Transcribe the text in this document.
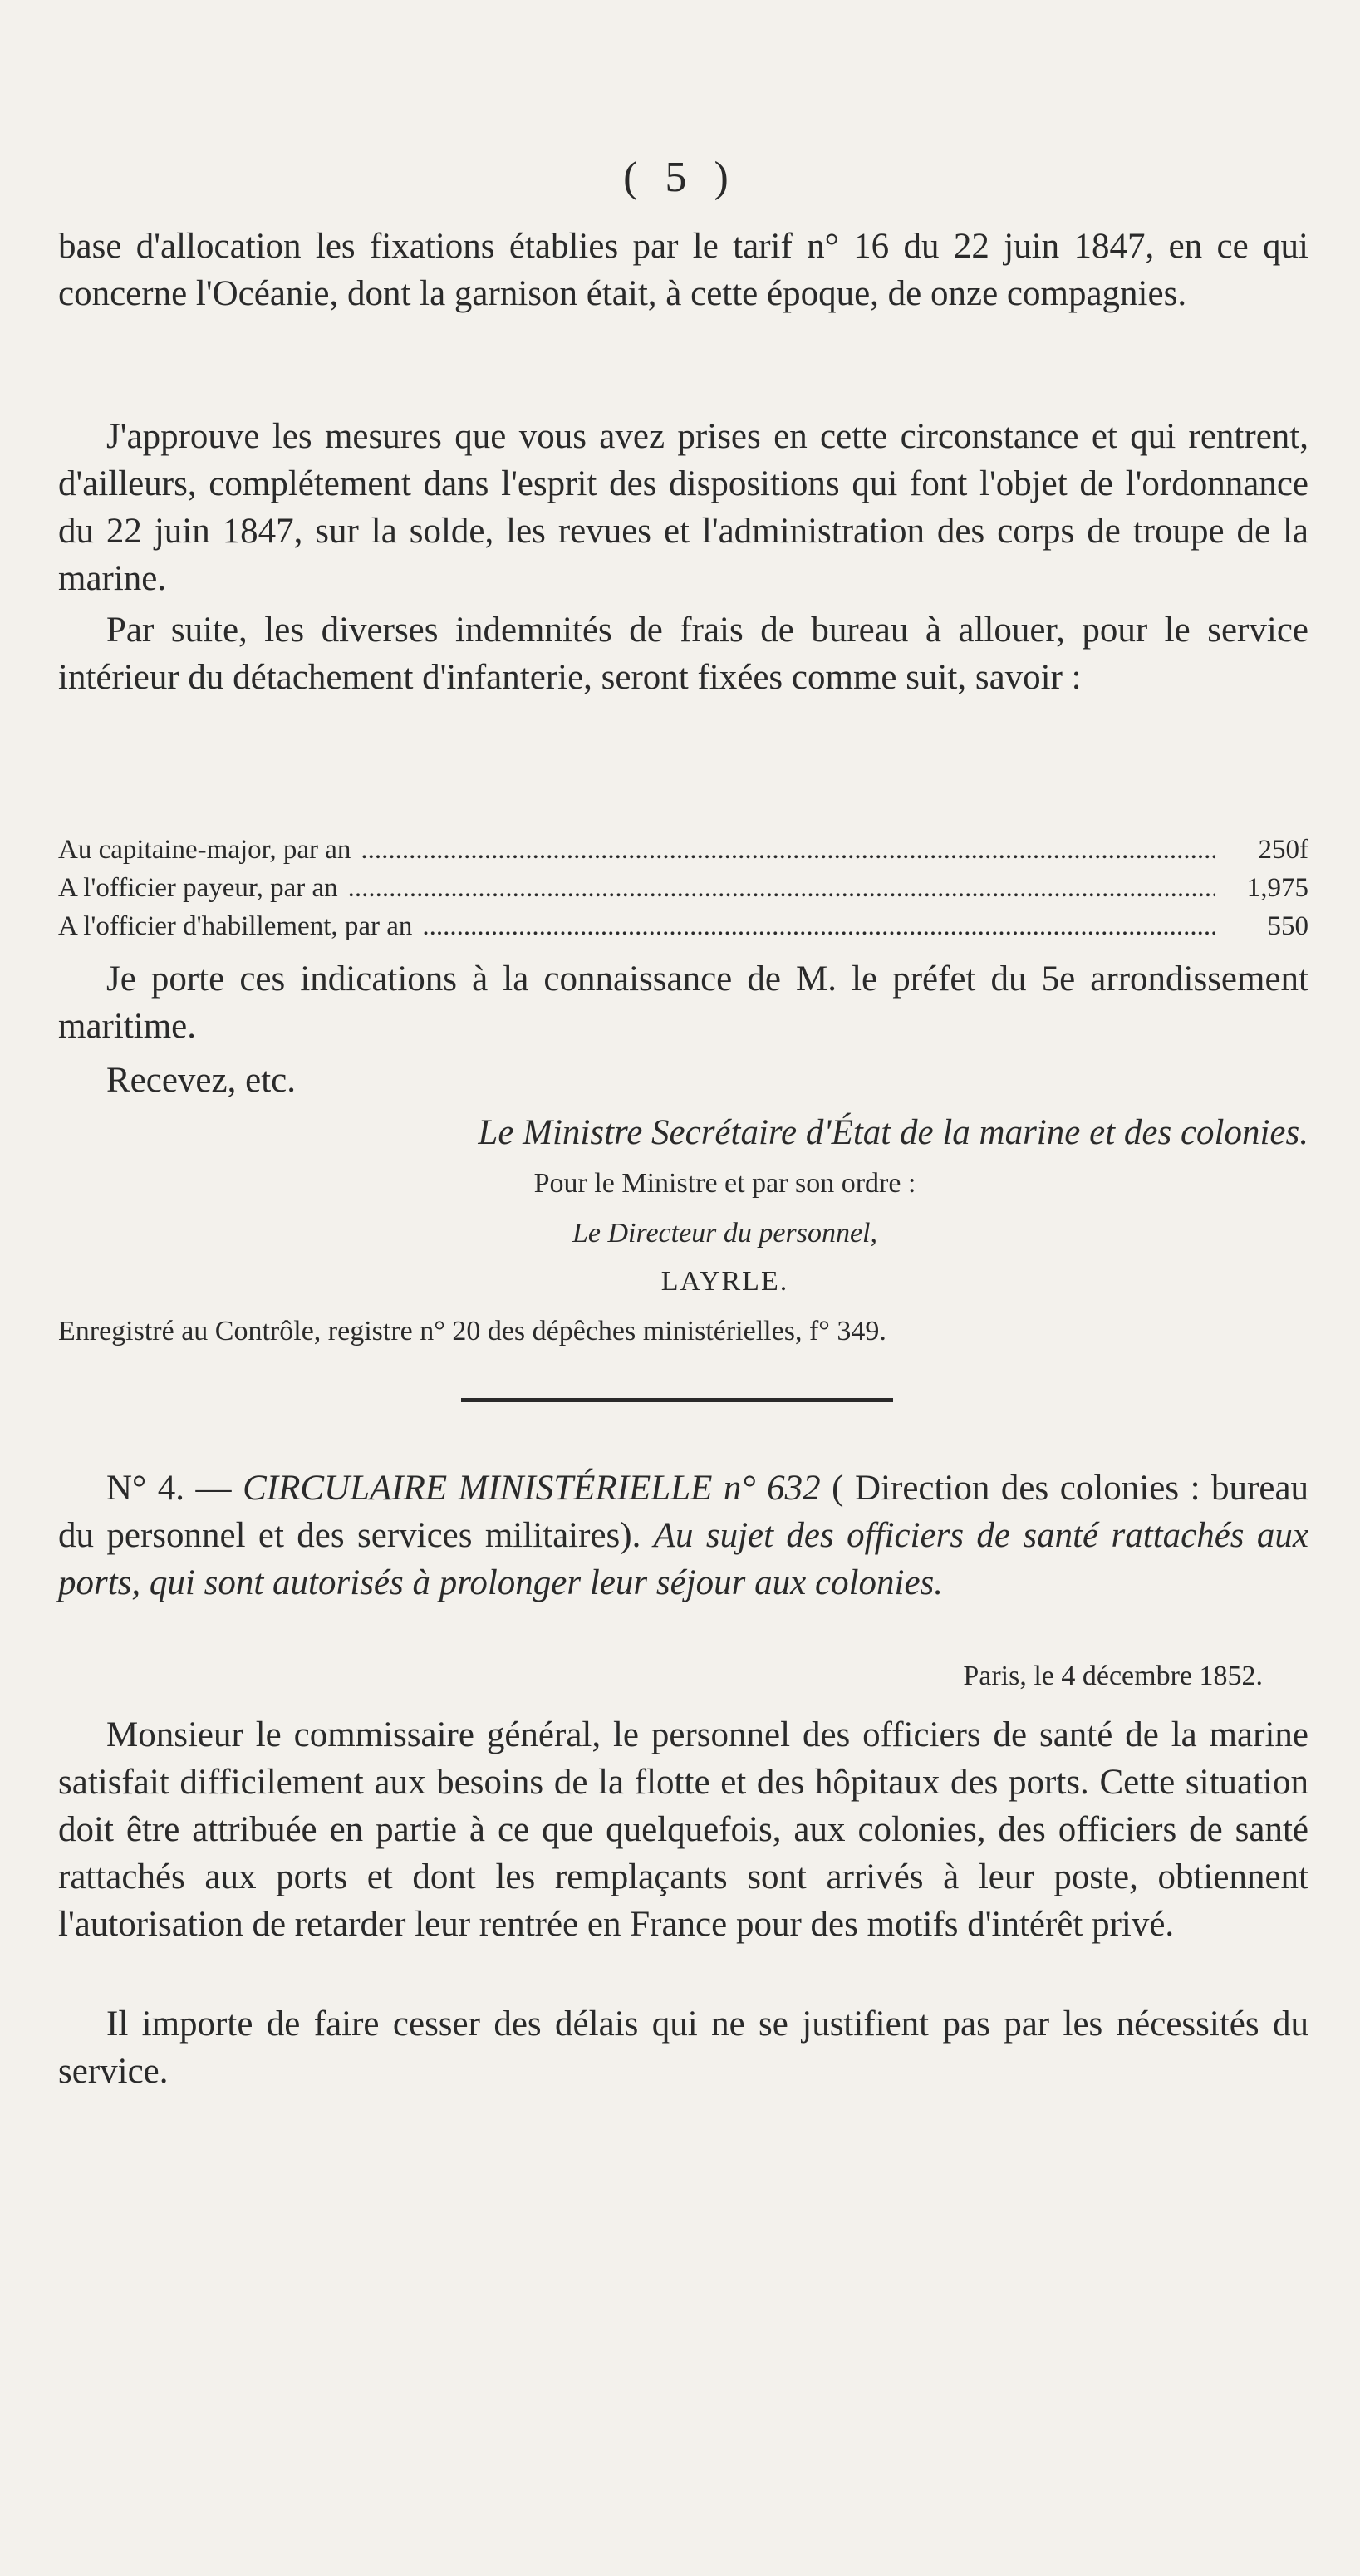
( 5 )

base d'allocation les fixations établies par le tarif n° 16 du 22 juin 1847, en ce qui concerne l'Océanie, dont la garnison était, à cette époque, de onze compagnies.

J'approuve les mesures que vous avez prises en cette circonstance et qui rentrent, d'ailleurs, complétement dans l'esprit des dispositions qui font l'objet de l'ordonnance du 22 juin 1847, sur la solde, les revues et l'administration des corps de troupe de la marine.

Par suite, les diverses indemnités de frais de bureau à allouer, pour le service intérieur du détachement d'infanterie, seront fixées comme suit, savoir :

Au capitaine-major, par an .....	250f
A l'officier payeur, par an .....	1,975
A l'officier d'habillement, par an .....	550

Je porte ces indications à la connaissance de M. le préfet du 5e arrondissement maritime.

Recevez, etc.

Le Ministre Secrétaire d'État de la marine et des colonies.
Pour le Ministre et par son ordre :
Le Directeur du personnel,
LAYRLE.
Enregistré au Contrôle, registre n° 20 des dépêches ministérielles, f° 349.

N° 4. — CIRCULAIRE MINISTÉRIELLE n° 632 ( Direction des colonies : bureau du personnel et des services militaires). Au sujet des officiers de santé rattachés aux ports, qui sont autorisés à prolonger leur séjour aux colonies.

Paris, le 4 décembre 1852.

Monsieur le commissaire général, le personnel des officiers de santé de la marine satisfait difficilement aux besoins de la flotte et des hôpitaux des ports. Cette situation doit être attribuée en partie à ce que quelquefois, aux colonies, des officiers de santé rattachés aux ports et dont les remplaçants sont arrivés à leur poste, obtiennent l'autorisation de retarder leur rentrée en France pour des motifs d'intérêt privé.

Il importe de faire cesser des délais qui ne se justifient pas par les nécessités du service.
